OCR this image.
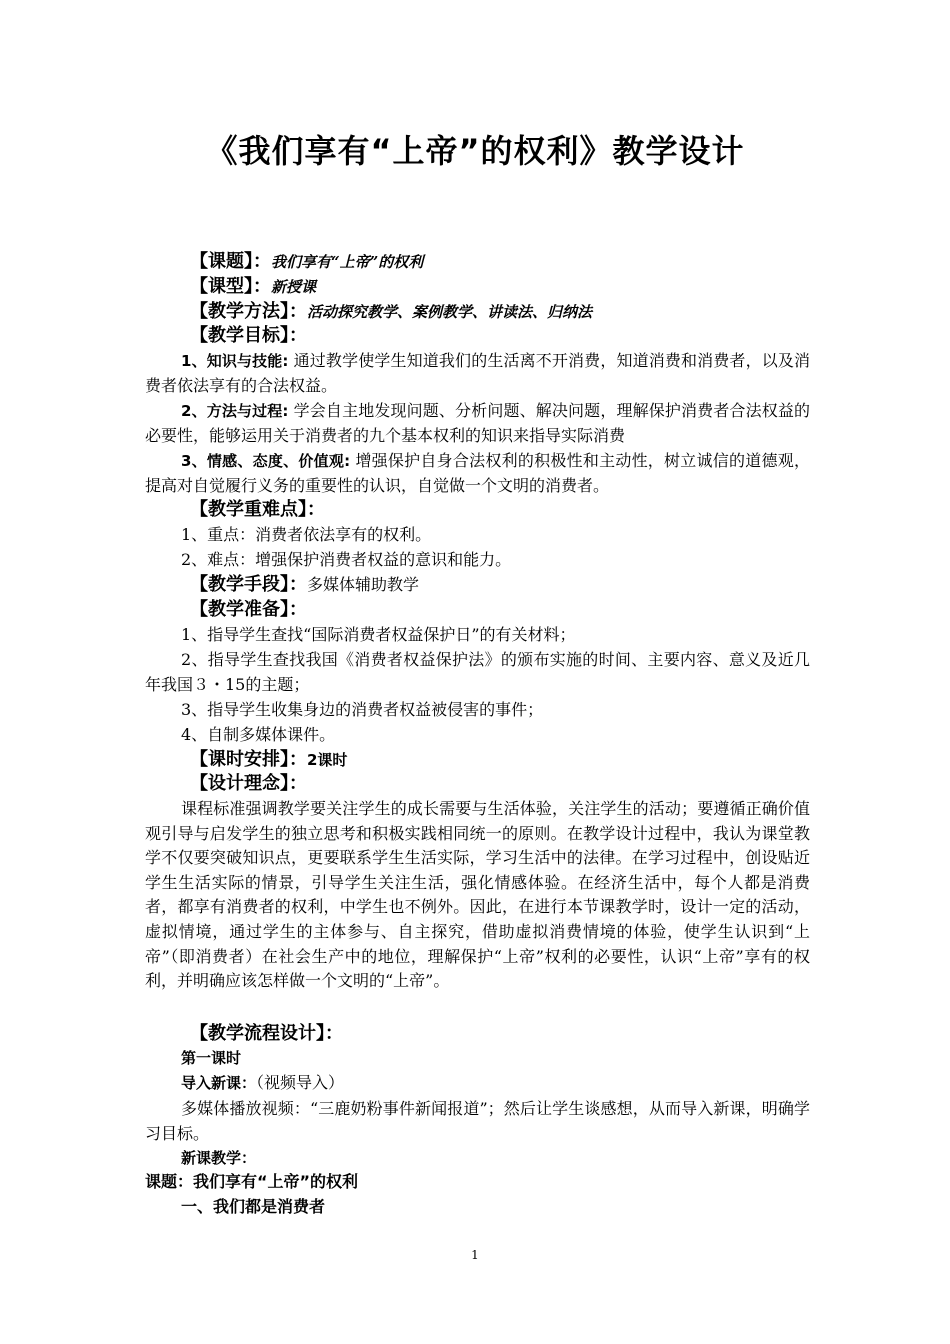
《我们享有“上帝”的权利》教学设计
【课题】：我们享有“上帝”的权利
【课型】：新授课
【教学方法】：活动探究教学、案例教学、讲读法、归纳法
【教学目标】：
1、知识与技能: 通过教学使学生知道我们的生活离不开消费，知道消费和消费者，以及消费者依法享有的合法权益。
2、方法与过程: 学会自主地发现问题、分析问题、解决问题，理解保护消费者合法权益的必要性，能够运用关于消费者的九个基本权利的知识来指导实际消费
3、情感、态度、价值观: 增强保护自身合法权利的积极性和主动性，树立诚信的道德观，提高对自觉履行义务的重要性的认识，自觉做一个文明的消费者。
【教学重难点】：
1、重点：消费者依法享有的权利。
2、难点：增强保护消费者权益的意识和能力。
【教学手段】：多媒体辅助教学
【教学准备】：
1、指导学生查找“国际消费者权益保护日”的有关材料；
2、指导学生查找我国《消费者权益保护法》的颁布实施的时间、主要内容、意义及近几年我国３・15的主题；
3、指导学生收集身边的消费者权益被侵害的事件；
4、自制多媒体课件。
【课时安排】：2课时
【设计理念】：
课程标准强调教学要关注学生的成长需要与生活体验，关注学生的活动；要遵循正确价值观引导与启发学生的独立思考和积极实践相同统一的原则。在教学设计过程中，我认为课堂教学不仅要突破知识点，更要联系学生生活实际，学习生活中的法律。在学习过程中，创设贴近学生生活实际的情景，引导学生关注生活，强化情感体验。在经济生活中，每个人都是消费者，都享有消费者的权利，中学生也不例外。因此，在进行本节课教学时，设计一定的活动，虚拟情境，通过学生的主体参与、自主探究，借助虚拟消费情境的体验，使学生认识到“上帝”（即消费者）在社会生产中的地位，理解保护“上帝”权利的必要性，认识“上帝”享有的权利，并明确应该怎样做一个文明的“上帝”。
【教学流程设计】：
第一课时
导入新课：（视频导入）
多媒体播放视频：“三鹿奶粉事件新闻报道”；然后让学生谈感想，从而导入新课，明确学习目标。
新课教学：
课题：我们享有“上帝”的权利
一、我们都是消费者
1
